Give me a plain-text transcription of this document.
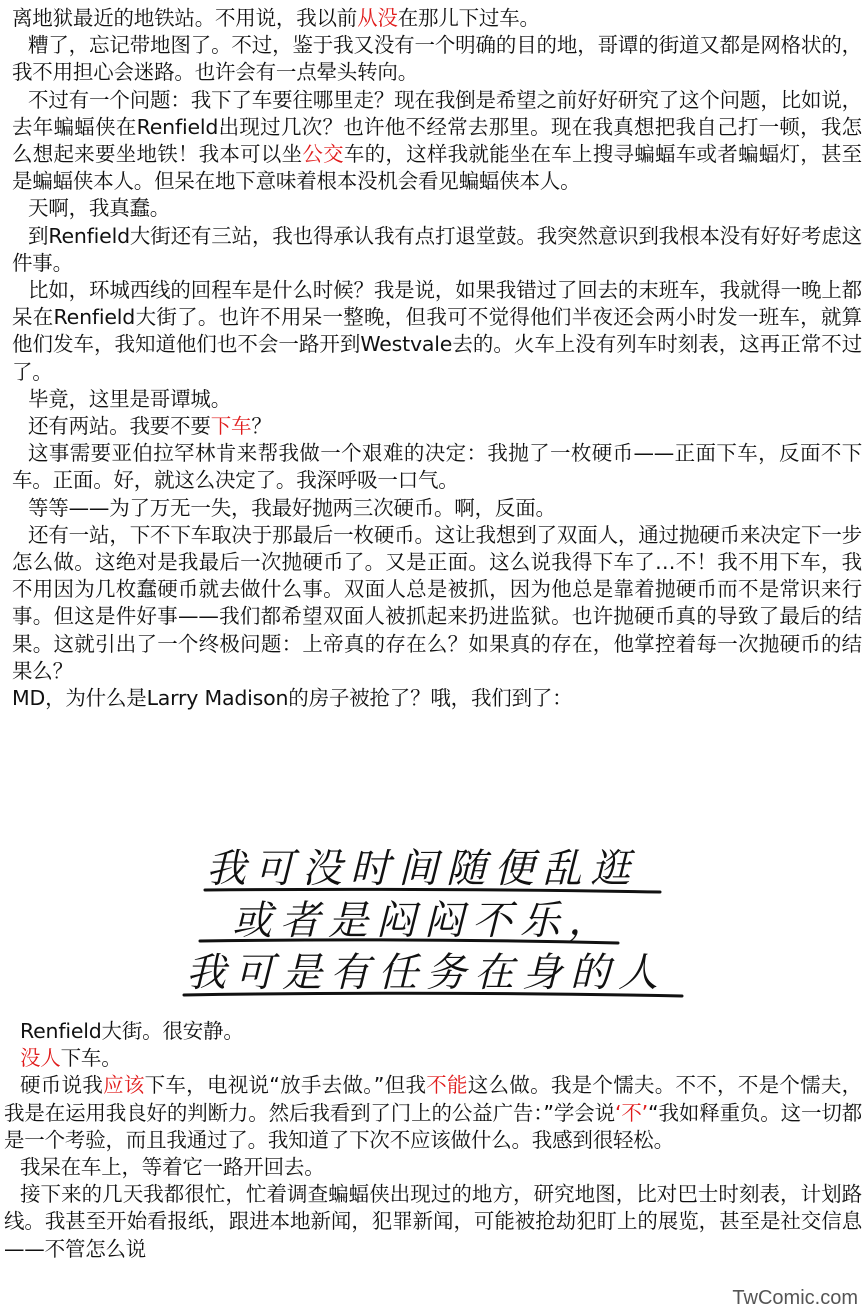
离地狱最近的地铁站。不用说，我以前从没在那儿下过车。

糟了，忘记带地图了。不过，鉴于我又没有一个明确的目的地，哥谭的街道又都是网格状的，我不用担心会迷路。也许会有一点晕头转向。

不过有一个问题：我下了车要往哪里走？现在我倒是希望之前好好研究了这个问题，比如说，去年蝙蝠侠在Renfield出现过几次？也许他不经常去那里。现在我真想把我自己打一顿，我怎么想起来要坐地铁！我本可以坐公交车的，这样我就能坐在车上搜寻蝙蝠车或者蝙蝠灯，甚至是蝙蝠侠本人。但呆在地下意味着根本没机会看见蝙蝠侠本人。

天啊，我真蠢。

到Renfield大街还有三站，我也得承认我有点打退堂鼓。我突然意识到我根本没有好好考虑这件事。

比如，环城西线的回程车是什么时候？我是说，如果我错过了回去的末班车，我就得一晚上都呆在Renfield大街了。也许不用呆一整晚，但我可不觉得他们半夜还会两小时发一班车，就算他们发车，我知道他们也不会一路开到Westvale去的。火车上没有列车时刻表，这再正常不过了。

毕竟，这里是哥谭城。

还有两站。我要不要下车？

这事需要亚伯拉罕林肯来帮我做一个艰难的决定：我抛了一枚硬币——正面下车，反面不下车。正面。好，就这么决定了。我深呼吸一口气。

等等——为了万无一失，我最好抛两三次硬币。啊，反面。

还有一站，下不下车取决于那最后一枚硬币。这让我想到了双面人，通过抛硬币来决定下一步怎么做。这绝对是我最后一次抛硬币了。又是正面。这么说我得下车了…不！我不用下车，我不用因为几枚蠢硬币就去做什么事。双面人总是被抓，因为他总是靠着抛硬币而不是常识来行事。但这是件好事——我们都希望双面人被抓起来扔进监狱。也许抛硬币真的导致了最后的结果。这就引出了一个终极问题：上帝真的存在么？如果真的存在，他掌控着每一次抛硬币的结果么？

MD，为什么是Larry Madison的房子被抢了？哦，我们到了：

我可没时间随便乱逛
或者是闷闷不乐，
我可是有任务在身的人

Renfield大街。很安静。

没人下车。

硬币说我应该下车，电视说“放手去做。”但我不能这么做。我是个懦夫。不不，不是个懦夫，我是在运用我良好的判断力。然后我看到了门上的公益广告：”学会说‘不’“我如释重负。这一切都是一个考验，而且我通过了。我知道了下次不应该做什么。我感到很轻松。

我呆在车上，等着它一路开回去。

接下来的几天我都很忙，忙着调查蝙蝠侠出现过的地方，研究地图，比对巴士时刻表，计划路线。我甚至开始看报纸，跟进本地新闻，犯罪新闻，可能被抢劫犯盯上的展览，甚至是社交信息——不管怎么说

TwComic.com
